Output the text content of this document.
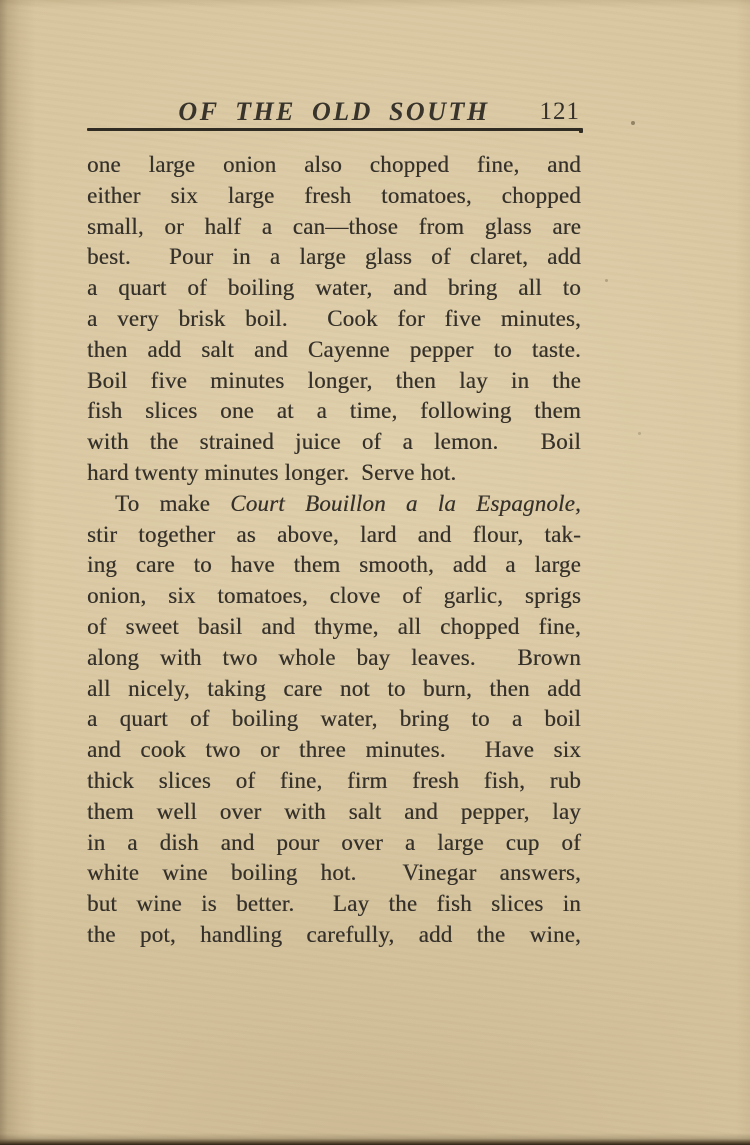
OF THE OLD SOUTH	121
one large onion also chopped fine, and
either six large fresh tomatoes, chopped
small, or half a can—those from glass are
best.  Pour in a large glass of claret, add
a quart of boiling water, and bring all to
a very brisk boil.  Cook for five minutes,
then add salt and Cayenne pepper to taste.
Boil five minutes longer, then lay in the
fish slices one at a time, following them
with the strained juice of a lemon.  Boil
hard twenty minutes longer.  Serve hot.
To make Court Bouillon a la Espagnole,
stir together as above, lard and flour, tak-
ing care to have them smooth, add a large
onion, six tomatoes, clove of garlic, sprigs
of sweet basil and thyme, all chopped fine,
along with two whole bay leaves.  Brown
all nicely, taking care not to burn, then add
a quart of boiling water, bring to a boil
and cook two or three minutes.  Have six
thick slices of fine, firm fresh fish, rub
them well over with salt and pepper, lay
in a dish and pour over a large cup of
white wine boiling hot.  Vinegar answers,
but wine is better.  Lay the fish slices in
the pot, handling carefully, add the wine,
